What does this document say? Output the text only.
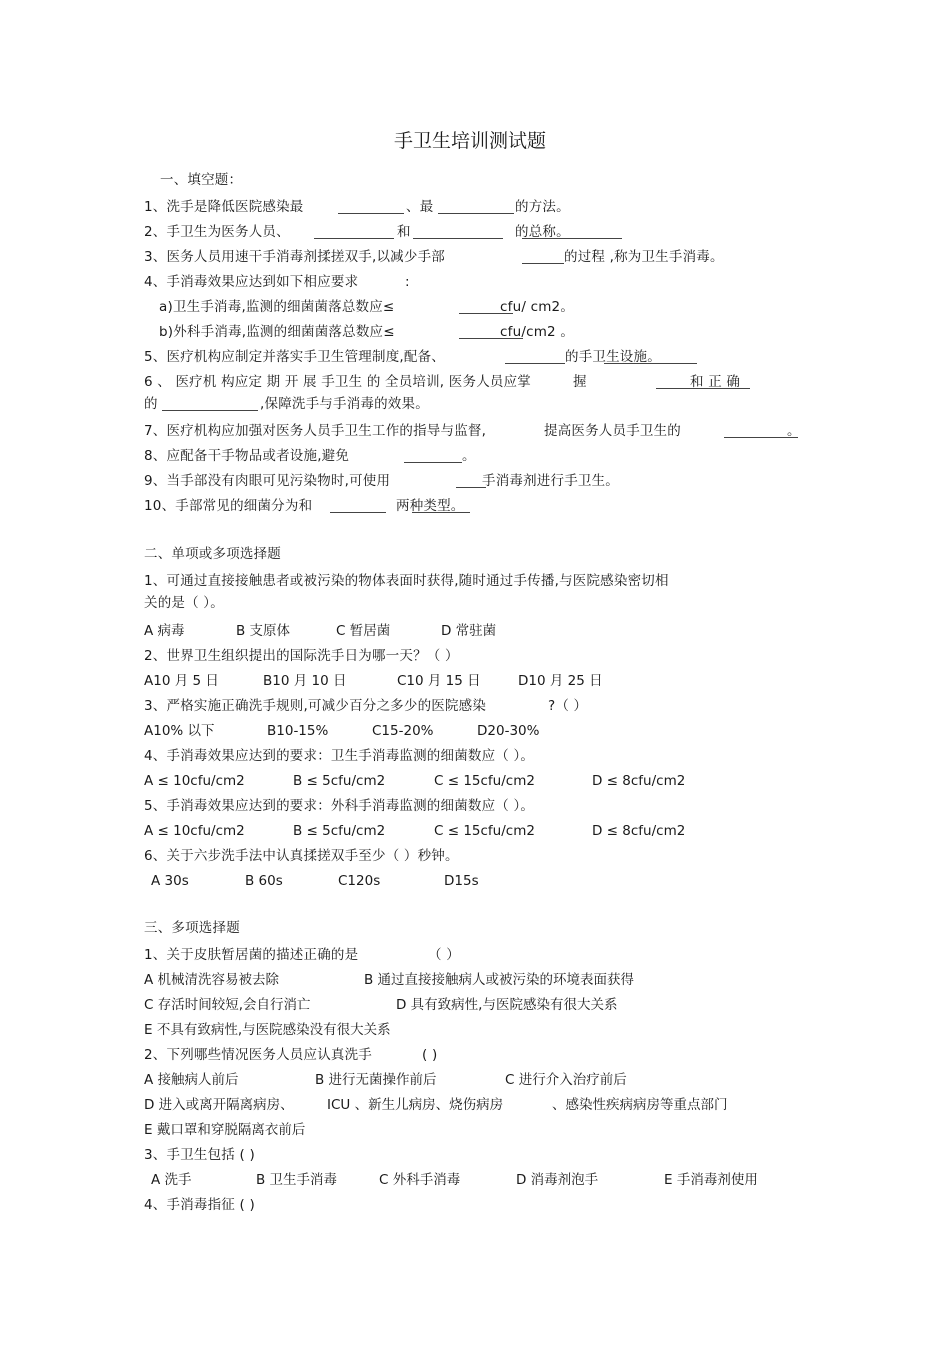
手卫生培训测试题
一、填空题：
1、洗手是降低医院感染最	、最	的方法。
2、手卫生为医务人员、	和	的总称。
3、医务人员用速干手消毒剂揉搓双手,以减少手部	的过程 ,称为卫生手消毒。
4、手消毒效果应达到如下相应要求	:
a)卫生手消毒,监测的细菌菌落总数应≤	cfu/ cm2。
b)外科手消毒,监测的细菌菌落总数应≤	cfu/cm2 。
5、医疗机构应制定并落实手卫生管理制度,配备、	的手卫生设施。
6 、 医疗机 构应定 期 开 展 手卫生 的 全员培训, 医务人员应掌	握	和 正 确
的	,保障洗手与手消毒的效果。
7、医疗机构应加强对医务人员手卫生工作的指导与监督,	提高医务人员手卫生的	。
8、应配备干手物品或者设施,避免	。
9、当手部没有肉眼可见污染物时,可使用	手消毒剂进行手卫生。
10、手部常见的细菌分为和	两种类型。
二、单项或多项选择题
1、可通过直接接触患者或被污染的物体表面时获得,随时通过手传播,与医院感染密切相
关的是（ ）。
A 病毒	B 支原体	C 暂居菌	D 常驻菌
2、世界卫生组织提出的国际洗手日为哪一天？（ ）
A10 月 5 日	B10 月 10 日	C10 月 15 日	D10 月 25 日
3、严格实施正确洗手规则,可减少百分之多少的医院感染	?（ ）
A10% 以下	B10-15%	C15-20%	D20-30%
4、手消毒效果应达到的要求：卫生手消毒监测的细菌数应（ ）。
A ≤ 10cfu/cm2	B ≤ 5cfu/cm2	C ≤ 15cfu/cm2	D ≤ 8cfu/cm2
5、手消毒效果应达到的要求：外科手消毒监测的细菌数应（ ）。
A ≤ 10cfu/cm2	B ≤ 5cfu/cm2	C ≤ 15cfu/cm2	D ≤ 8cfu/cm2
6、关于六步洗手法中认真揉搓双手至少（ ）秒钟。
A 30s	B 60s	C120s	D15s
三、多项选择题
1、关于皮肤暂居菌的描述正确的是	（ ）
A 机械清洗容易被去除	B 通过直接接触病人或被污染的环境表面获得
C 存活时间较短,会自行消亡	D 具有致病性,与医院感染有很大关系
E 不具有致病性,与医院感染没有很大关系
2、下列哪些情况医务人员应认真洗手	( )
A 接触病人前后	B 进行无菌操作前后	C 进行介入治疗前后
D 进入或离开隔离病房、 ICU 、新生儿病房、烧伤病房	、感染性疾病病房等重点部门
E 戴口罩和穿脱隔离衣前后
3、手卫生包括 ( )
A 洗手	B 卫生手消毒	C 外科手消毒	D 消毒剂泡手	E 手消毒剂使用
4、手消毒指征 ( )
